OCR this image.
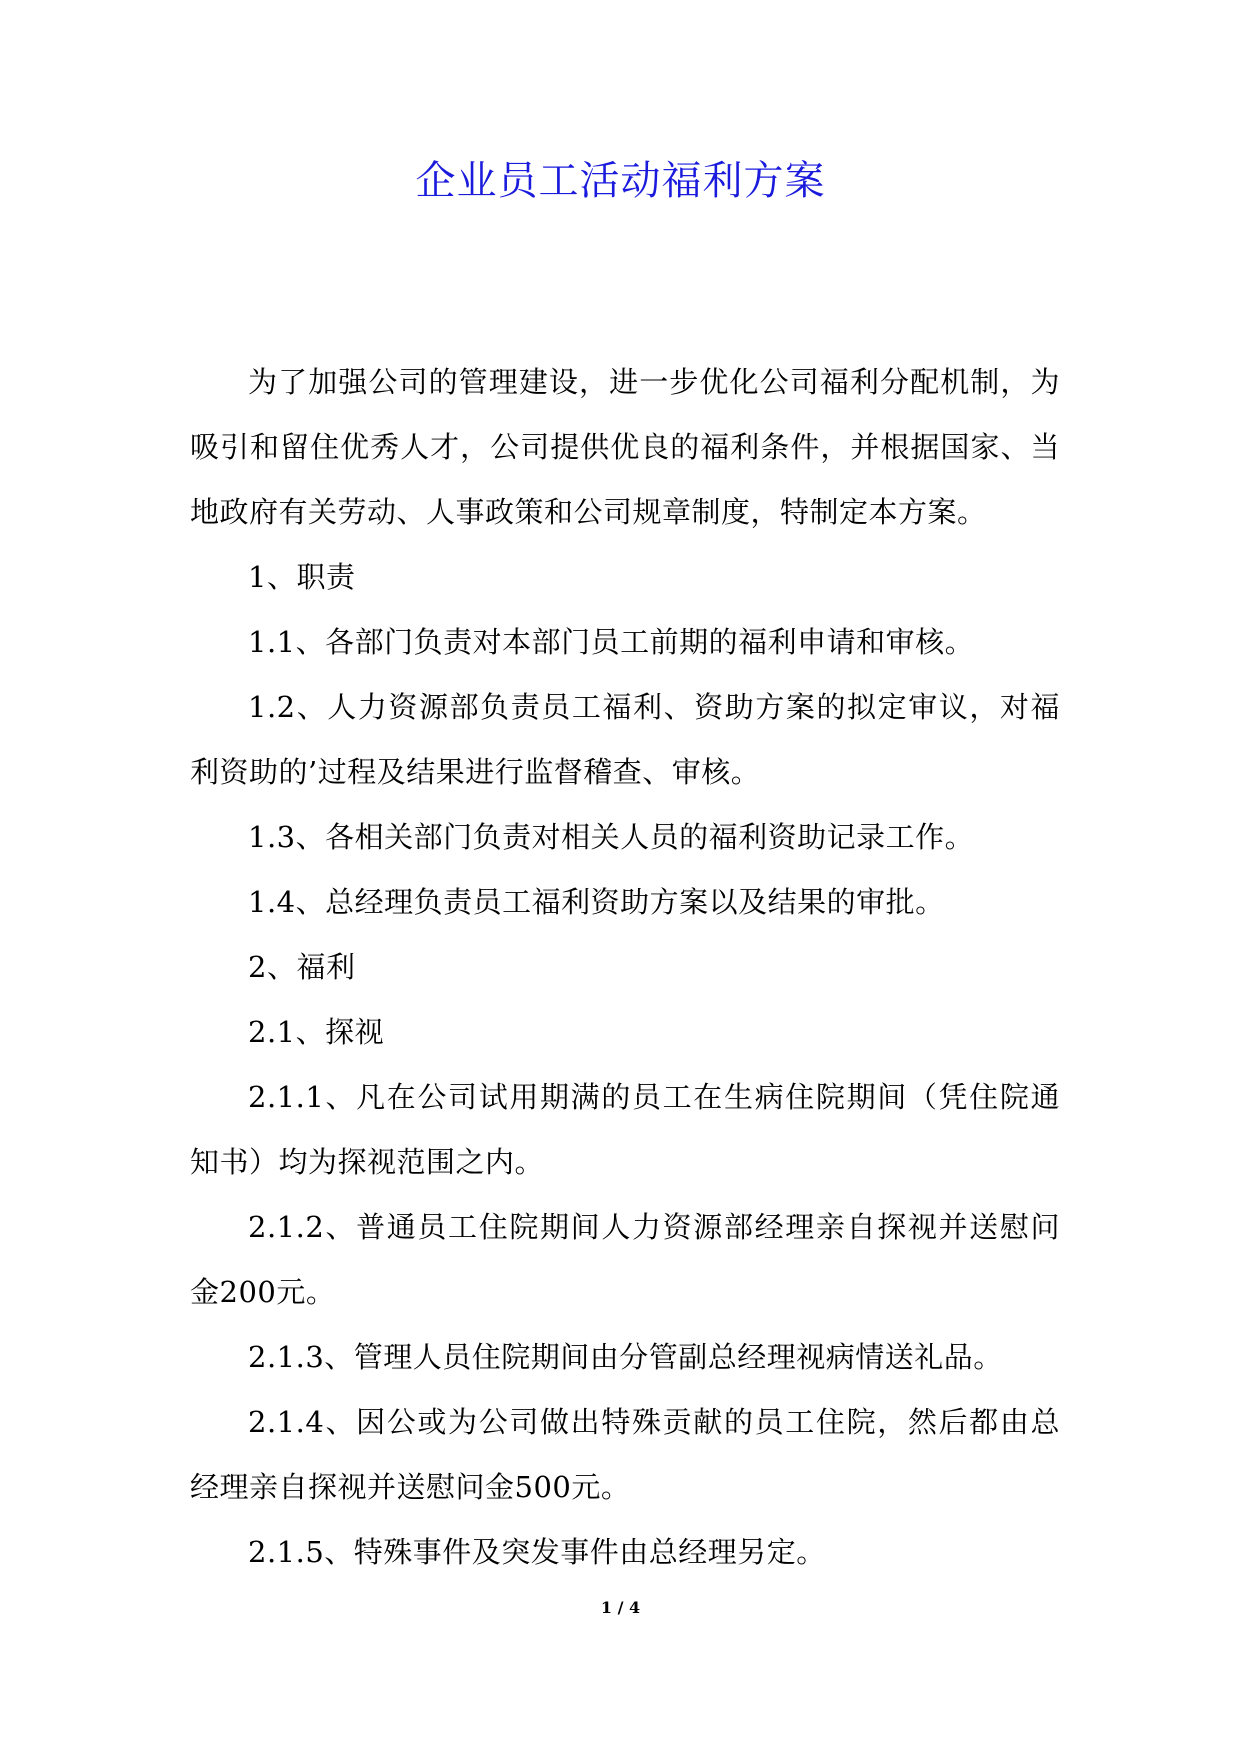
企业员工活动福利方案

为了加强公司的管理建设，进一步优化公司福利分配机制，为吸引和留住优秀人才，公司提供优良的福利条件，并根据国家、当地政府有关劳动、人事政策和公司规章制度，特制定本方案。

1、职责

1.1、各部门负责对本部门员工前期的福利申请和审核。

1.2、人力资源部负责员工福利、资助方案的拟定审议，对福利资助的’过程及结果进行监督稽查、审核。

1.3、各相关部门负责对相关人员的福利资助记录工作。

1.4、总经理负责员工福利资助方案以及结果的审批。

2、福利

2.1、探视

2.1.1、凡在公司试用期满的员工在生病住院期间（凭住院通知书）均为探视范围之内。

2.1.2、普通员工住院期间人力资源部经理亲自探视并送慰问金200元。

2.1.3、管理人员住院期间由分管副总经理视病情送礼品。

2.1.4、因公或为公司做出特殊贡献的员工住院，然后都由总经理亲自探视并送慰问金500元。

2.1.5、特殊事件及突发事件由总经理另定。

1 / 4
